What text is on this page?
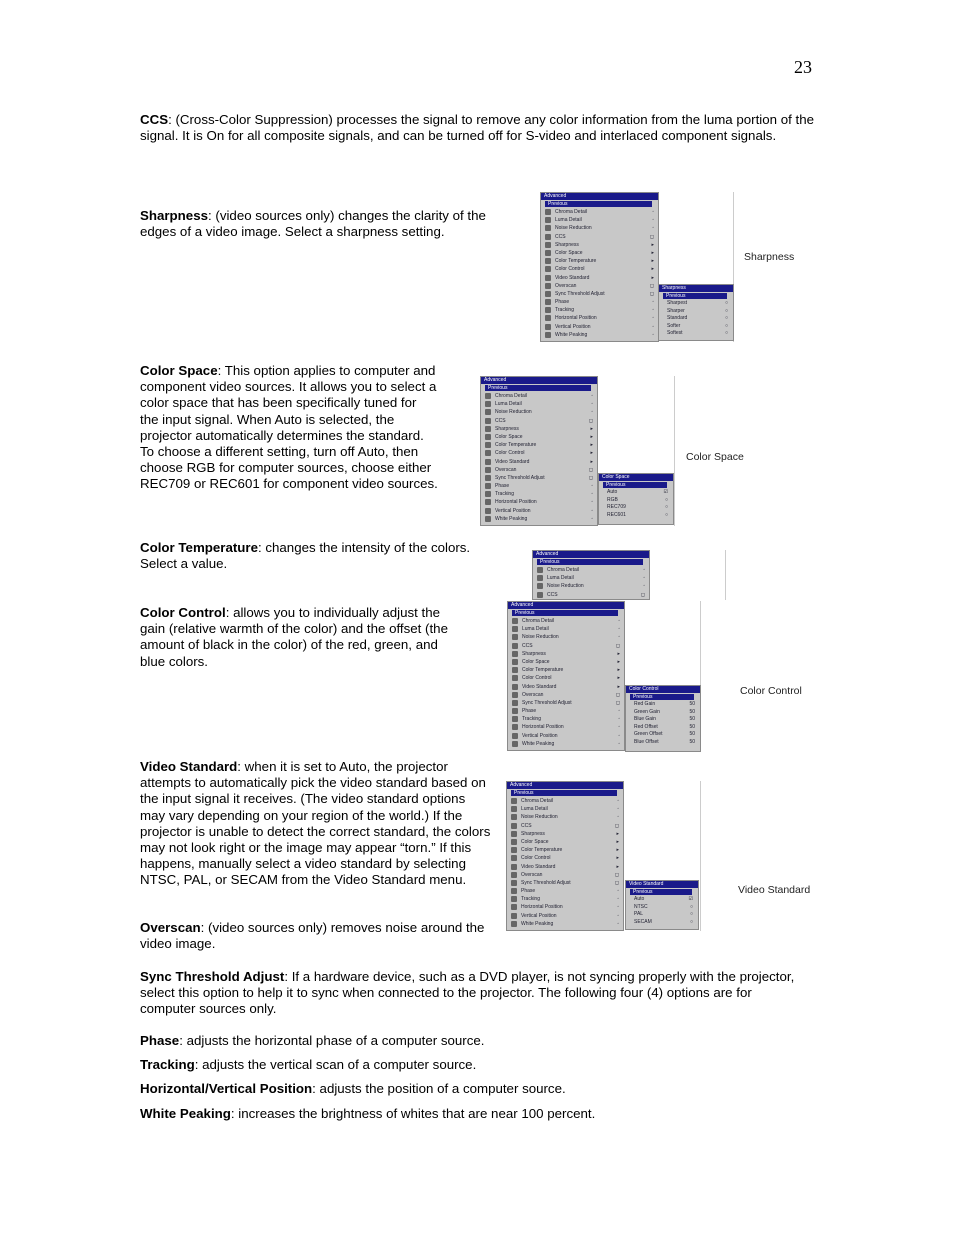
23
CCS: (Cross-Color Suppression) processes the signal to remove any color information from the luma portion of the signal. It is On for all composite signals, and can be turned off for S-video and interlaced component signals.
Sharpness: (video sources only) changes the clarity of the edges of a video image. Select a sharpness setting.
Color Space: This option applies to computer and component video sources. It allows you to select a color space that has been specifically tuned for the input signal. When Auto is selected, the projector automatically determines the standard. To choose a different setting, turn off Auto, then choose RGB for computer sources, choose either REC709 or REC601 for component video sources.
Color Temperature: changes the intensity of the colors. Select a value.
Color Control: allows you to individually adjust the gain (relative warmth of the color) and the offset (the amount of black in the color) of the red, green, and blue colors.
Video Standard: when it is set to Auto, the projector attempts to automatically pick the video standard based on the input signal it receives. (The video standard options may vary depending on your region of the world.) If the projector is unable to detect the correct standard, the colors may not look right or the image may appear “torn.” If this happens, manually select a video standard by selecting NTSC, PAL, or SECAM from the Video Standard menu.
Overscan: (video sources only) removes noise around the video image.
Sync Threshold Adjust: If a hardware device, such as a DVD player, is not syncing properly with the projector, select this option to help it to sync when connected to the projector. The following four (4) options are for computer sources only.
Phase: adjusts the horizontal phase of a computer source.
Tracking: adjusts the vertical scan of a computer source.
Horizontal/Vertical Position: adjusts the position of a computer source.
White Peaking: increases the brightness of whites that are near 100 percent.
Advanced
Previous
Chroma Detail	◦
Luma Detail	◦
Noise Reduction	◦
CCS	◻
Sharpness	▸
Color Space	▸
Color Temperature	▸
Color Control	▸
Video Standard	▸
Overscan	◻
Sync Threshold Adjust	◻
Phase	◦
Tracking	◦
Horizontal Position	◦
Vertical Position	◦
White Peaking	◦
Sharpness
Previous
Sharpest	○
Sharper	○
Standard	○
Softer	○
Softest	○
Sharpness
Advanced
Previous
Chroma Detail	◦
Luma Detail	◦
Noise Reduction	◦
CCS	◻
Sharpness	▸
Color Space	▸
Color Temperature	▸
Color Control	▸
Video Standard	▸
Overscan	◻
Sync Threshold Adjust	◻
Phase	◦
Tracking	◦
Horizontal Position	◦
Vertical Position	◦
White Peaking	◦
Color Space
Previous
Auto	☑
RGB	○
REC709	○
REC601	○
Color Space
Advanced
Previous
Chroma Detail	◦
Luma Detail	◦
Noise Reduction	◦
CCS	◻
Advanced
Previous
Chroma Detail	◦
Luma Detail	◦
Noise Reduction	◦
CCS	◻
Sharpness	▸
Color Space	▸
Color Temperature	▸
Color Control	▸
Video Standard	▸
Overscan	◻
Sync Threshold Adjust	◻
Phase	◦
Tracking	◦
Horizontal Position	◦
Vertical Position	◦
White Peaking	◦
Color Control
Previous
Red Gain	50
Green Gain	50
Blue Gain	50
Red Offset	50
Green Offset	50
Blue Offset	50
Color Control
Advanced
Previous
Chroma Detail	◦
Luma Detail	◦
Noise Reduction	◦
CCS	◻
Sharpness	▸
Color Space	▸
Color Temperature	▸
Color Control	▸
Video Standard	▸
Overscan	◻
Sync Threshold Adjust	◻
Phase	◦
Tracking	◦
Horizontal Position	◦
Vertical Position	◦
White Peaking	◦
Video Standard
Previous
Auto	☑
NTSC	○
PAL	○
SECAM	○
Video Standard
